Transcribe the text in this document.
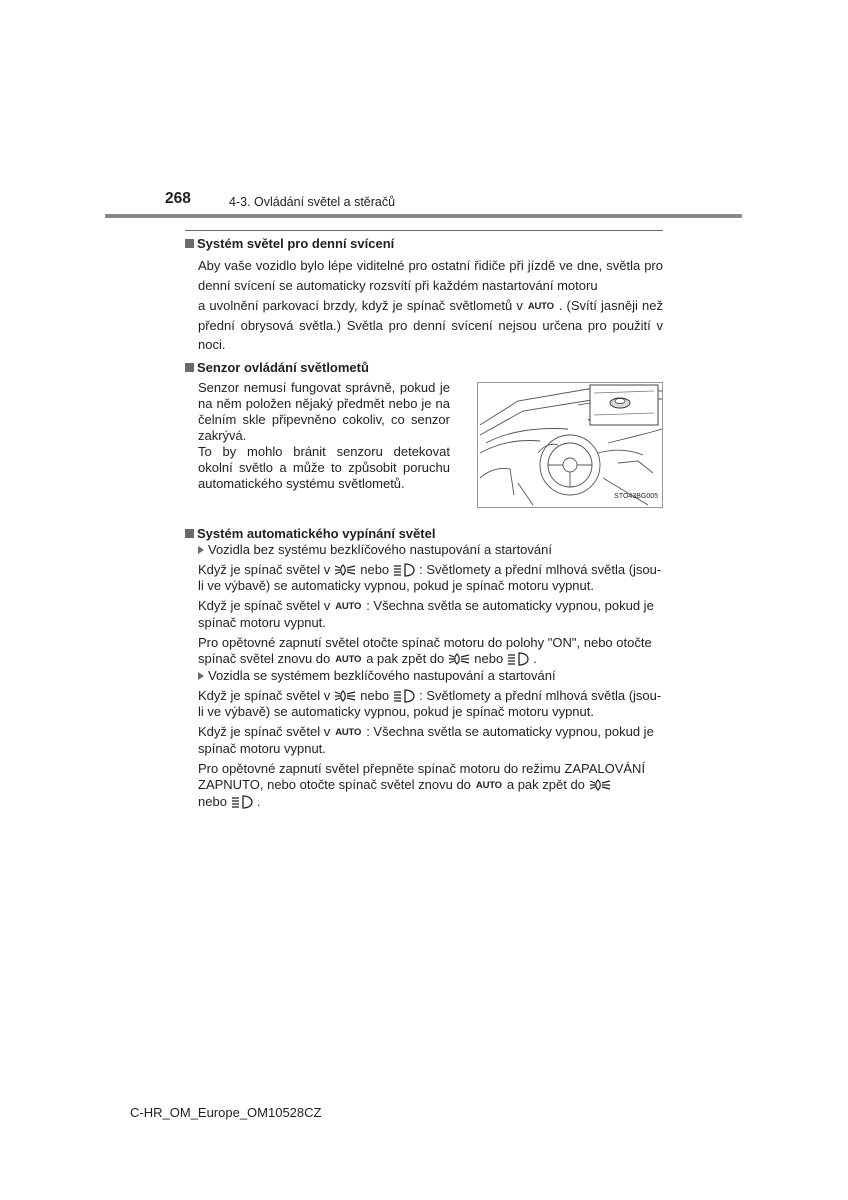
268	4-3. Ovládání světel a stěračů

Systém světel pro denní svícení

Aby vaše vozidlo bylo lépe viditelné pro ostatní řidiče při jízdě ve dne, světla pro denní svícení se automaticky rozsvítí při každém nastartování motoru

a uvolnění parkovací brzdy, když je spínač světlometů v AUTO . (Svítí jasněji než přední obrysová světla.) Světla pro denní svícení nejsou určena pro použití v noci.

Senzor ovládání světlometů

Senzor nemusí fungovat správně, pokud je na něm položen nějaký předmět nebo je na čelním skle připevněno cokoliv, co senzor zakrývá.

To by mohlo bránit senzoru detekovat okolní světlo a může to způsobit poruchu automatického systému světlometů.

STO43BG005

Systém automatického vypínání světel

Vozidla bez systému bezklíčového nastupování a startování

Když je spínač světel v nebo : Světlomety a přední mlhová světla (jsou-li ve výbavě) se automaticky vypnou, pokud je spínač motoru vypnut.

Když je spínač světel v AUTO : Všechna světla se automaticky vypnou, pokud je spínač motoru vypnut.

Pro opětovné zapnutí světel otočte spínač motoru do polohy "ON", nebo otočte spínač světel znovu do AUTO a pak zpět do nebo .

Vozidla se systémem bezklíčového nastupování a startování

Když je spínač světel v nebo : Světlomety a přední mlhová světla (jsou-li ve výbavě) se automaticky vypnou, pokud je spínač motoru vypnut.

Když je spínač světel v AUTO : Všechna světla se automaticky vypnou, pokud je spínač motoru vypnut.

Pro opětovné zapnutí světel přepněte spínač motoru do režimu ZAPALOVÁNÍ ZAPNUTO, nebo otočte spínač světel znovu do AUTO a pak zpět do
nebo .

C-HR_OM_Europe_OM10528CZ
